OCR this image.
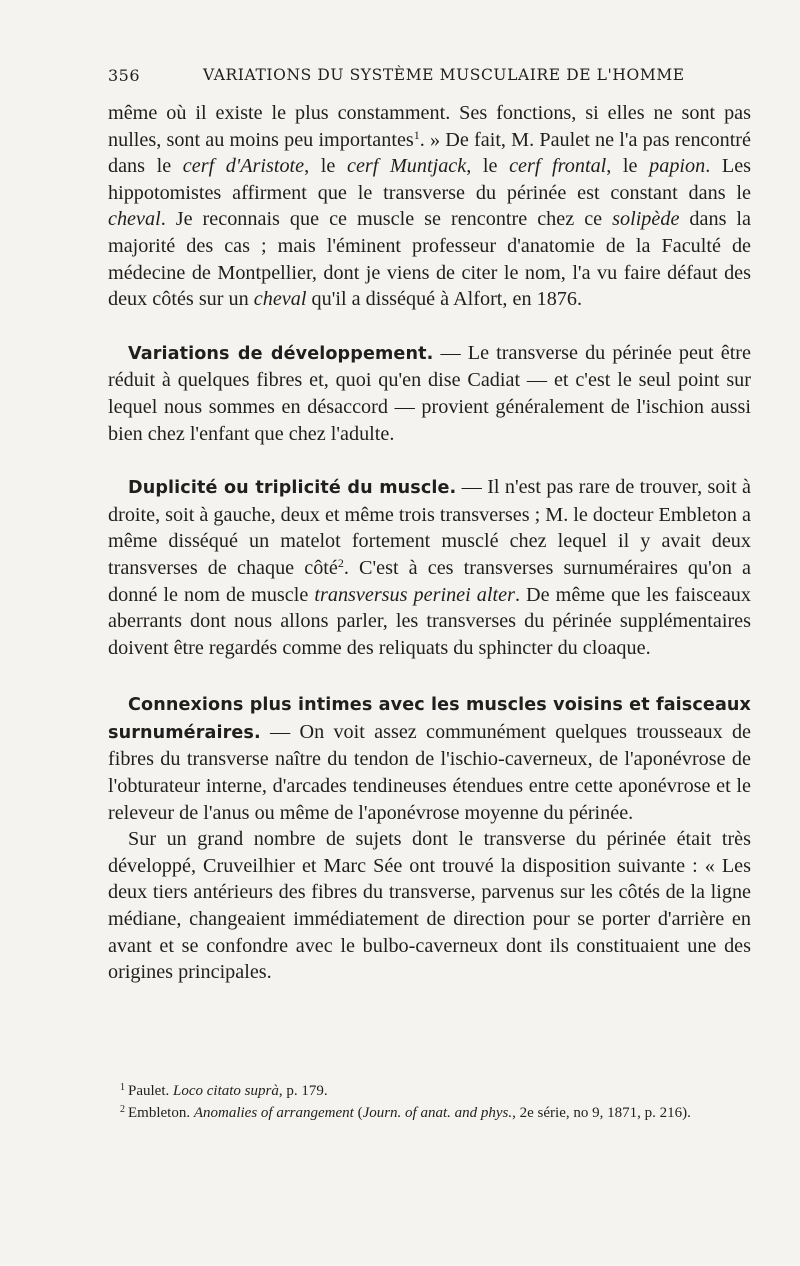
356	VARIATIONS DU SYSTÈME MUSCULAIRE DE L'HOMME

même où il existe le plus constamment. Ses fonctions, si elles ne sont pas nulles, sont au moins peu importantes$^1$. » De fait, M. Paulet ne l'a pas rencontré dans le cerf d'Aristote, le cerf Muntjack, le cerf frontal, le papion. Les hippotomistes affirment que le transverse du périnée est constant dans le cheval. Je reconnais que ce muscle se rencontre chez ce solipède dans la majorité des cas ; mais l'éminent professeur d'anatomie de la Faculté de médecine de Montpellier, dont je viens de citer le nom, l'a vu faire défaut des deux côtés sur un cheval qu'il a disséqué à Alfort, en 1876.

Variations de développement. — Le transverse du périnée peut être réduit à quelques fibres et, quoi qu'en dise Cadiat — et c'est le seul point sur lequel nous sommes en désaccord — provient généralement de l'ischion aussi bien chez l'enfant que chez l'adulte.

Duplicité ou triplicité du muscle. — Il n'est pas rare de trouver, soit à droite, soit à gauche, deux et même trois transverses ; M. le docteur Embleton a même disséqué un matelot fortement musclé chez lequel il y avait deux transverses de chaque côté$^2$. C'est à ces transverses surnuméraires qu'on a donné le nom de muscle transversus perinei alter. De même que les faisceaux aberrants dont nous allons parler, les transverses du périnée supplémentaires doivent être regardés comme des reliquats du sphincter du cloaque.

Connexions plus intimes avec les muscles voisins et faisceaux surnuméraires. — On voit assez communément quelques trousseaux de fibres du transverse naître du tendon de l'ischio-caverneux, de l'aponévrose de l'obturateur interne, d'arcades tendineuses étendues entre cette aponévrose et le releveur de l'anus ou même de l'aponévrose moyenne du périnée.

Sur un grand nombre de sujets dont le transverse du périnée était très développé, Cruveilhier et Marc Sée ont trouvé la disposition suivante : « Les deux tiers antérieurs des fibres du transverse, parvenus sur les côtés de la ligne médiane, changeaient immédiatement de direction pour se porter d'arrière en avant et se confondre avec le bulbo-caverneux dont ils constituaient une des origines principales.

$^1$ Paulet. Loco citato suprà, p. 179.

$^2$ Embleton. Anomalies of arrangement (Journ. of anat. and phys., 2e série, no 9, 1871, p. 216).
